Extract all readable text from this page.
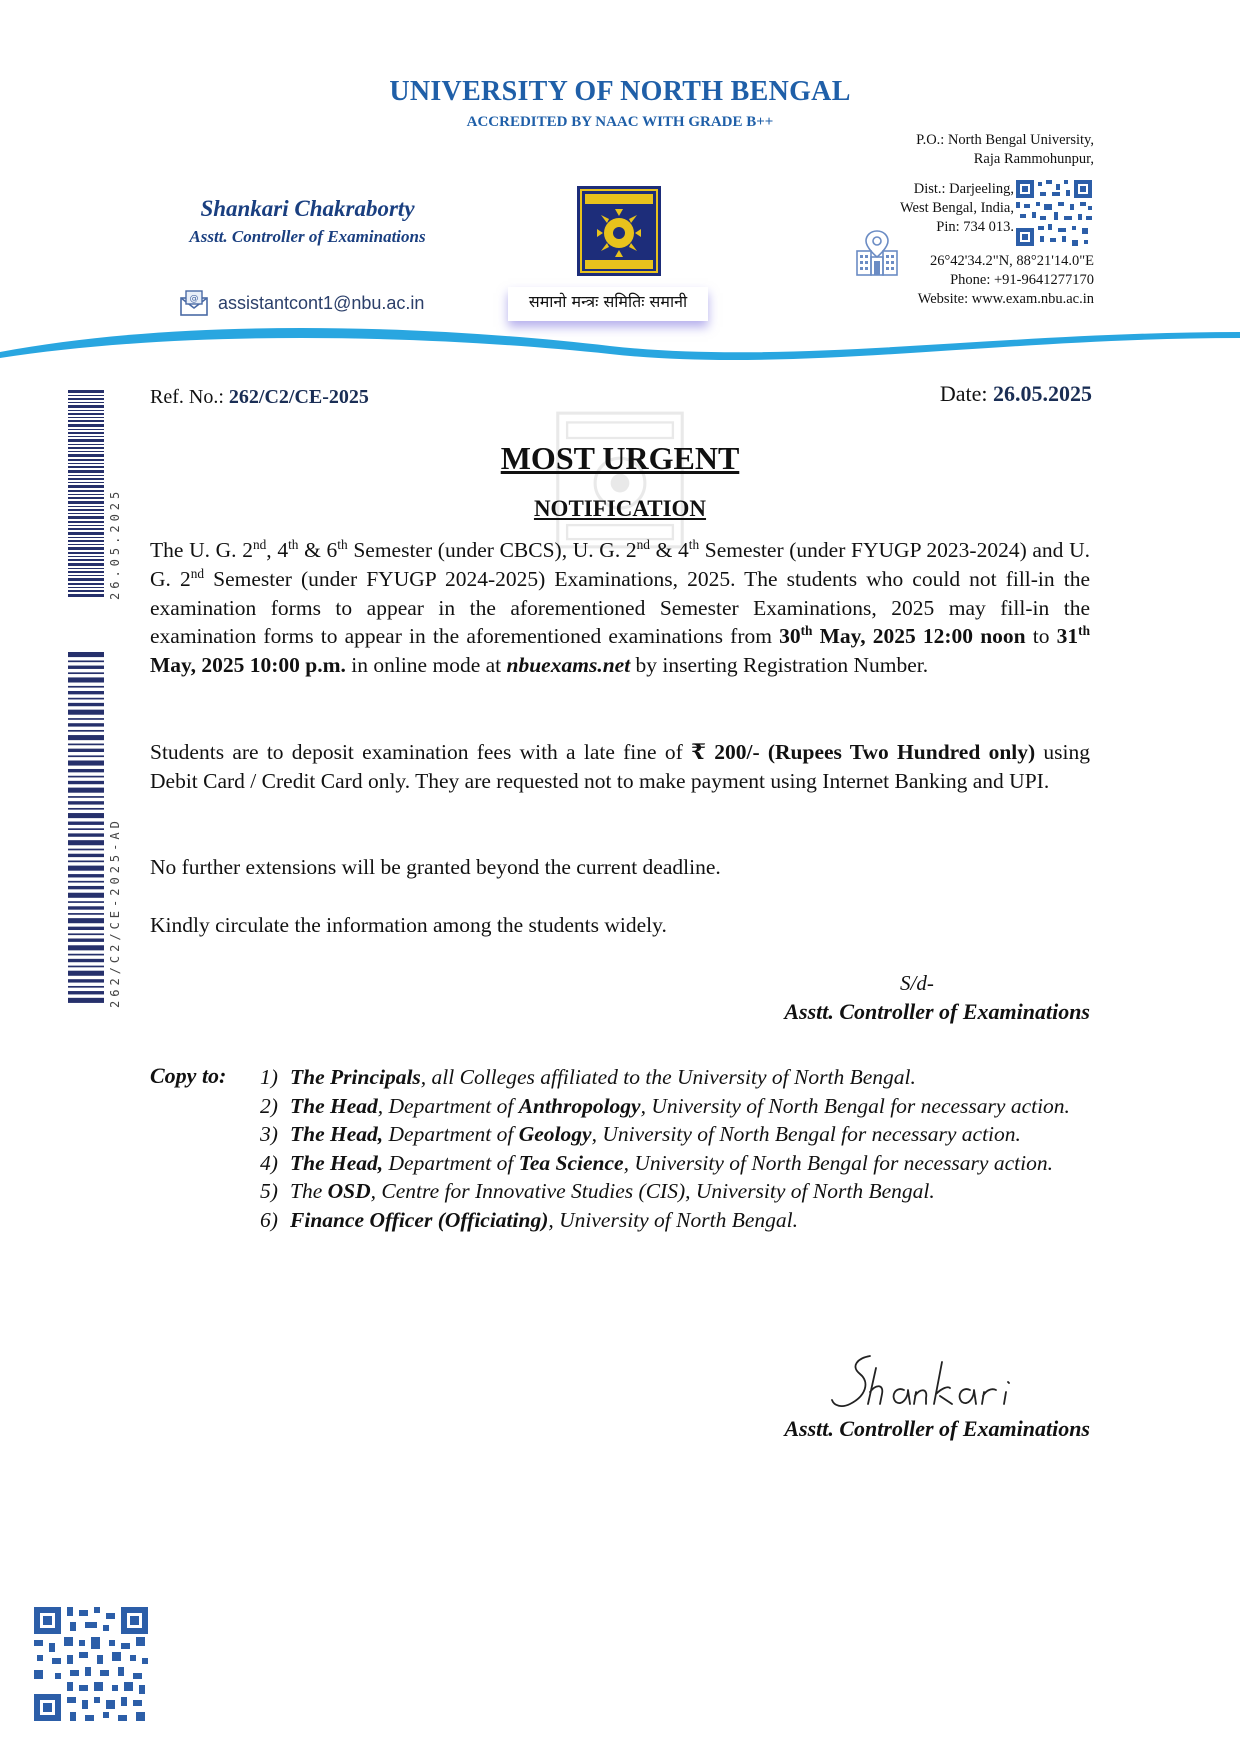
UNIVERSITY OF NORTH BENGAL
ACCREDITED BY NAAC WITH GRADE B++
Shankari Chakraborty
Asstt. Controller of Examinations
@ assistantcont1@nbu.ac.in	समानो मन्त्रः समितिः समानी
P.O.: North Bengal University,
Raja Rammohunpur,
Dist.: Darjeeling,
West Bengal, India,
Pin: 734 013.
26°42'34.2"N, 88°21'14.0"E
Phone: +91-9641277170
Website: www.exam.nbu.ac.in
26.05.2025
262/C2/CE-2025-AD
Ref. No.: 262/C2/CE-2025	Date: 26.05.2025
MOST URGENT
NOTIFICATION
The U. G. 2nd, 4th & 6th Semester (under CBCS), U. G. 2nd & 4th Semester (under FYUGP 2023-2024) and U. G. 2nd Semester (under FYUGP 2024-2025) Examinations, 2025. The students who could not fill-in the examination forms to appear in the aforementioned Semester Examinations, 2025 may fill-in the examination forms to appear in the aforementioned examinations from 30th May, 2025 12:00 noon to 31th May, 2025 10:00 p.m. in online mode at nbuexams.net by inserting Registration Number.
Students are to deposit examination fees with a late fine of ₹ 200/- (Rupees Two Hundred only) using Debit Card / Credit Card only. They are requested not to make payment using Internet Banking and UPI.
No further extensions will be granted beyond the current deadline.
Kindly circulate the information among the students widely.
S/d-
Asstt. Controller of Examinations
Copy to: 1) The Principals, all Colleges affiliated to the University of North Bengal.
2) The Head, Department of Anthropology, University of North Bengal for necessary action.
3) The Head, Department of Geology, University of North Bengal for necessary action.
4) The Head, Department of Tea Science, University of North Bengal for necessary action.
5) The OSD, Centre for Innovative Studies (CIS), University of North Bengal.
6) Finance Officer (Officiating), University of North Bengal.
Asstt. Controller of Examinations
